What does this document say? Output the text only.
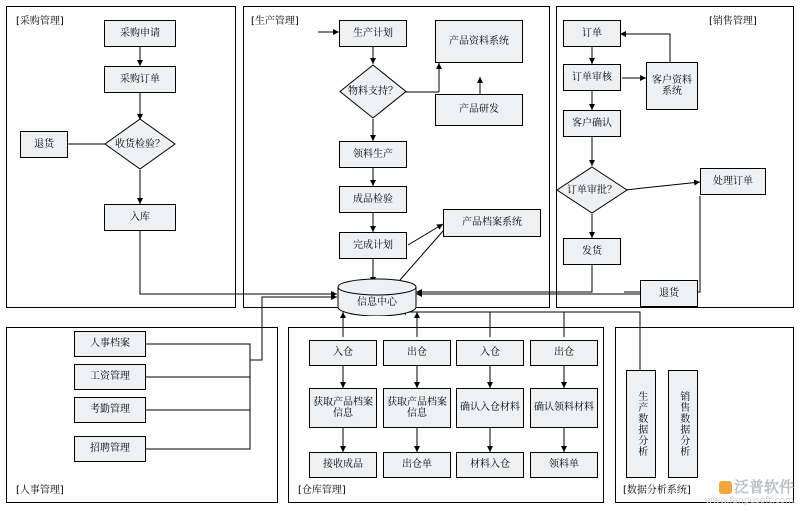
[采购管理]	[生产管理]	[销售管理]
[人事管理]	[仓库管理]	[数据分析系统]
采购申请
采购订单
收货检验？
退货
入库
生产计划
物料支持？
产品资料系统
产品研发
领料生产
成品检验
完成计划
产品档案系统
订单
订单审核	客户资料系统
客户确认
订单审批？
处理订单
发货
退货
信息中心
人事档案
工资管理
考勤管理
招聘管理
入仓
获取产品档案信息
接收成品
出仓
获取产品档案信息
出仓单
入仓
确认入仓材料
材料入仓
出仓
确认领料材料
领料单
生产数据分析	销售数据分析
泛普软件
www.fanpusoft.com
